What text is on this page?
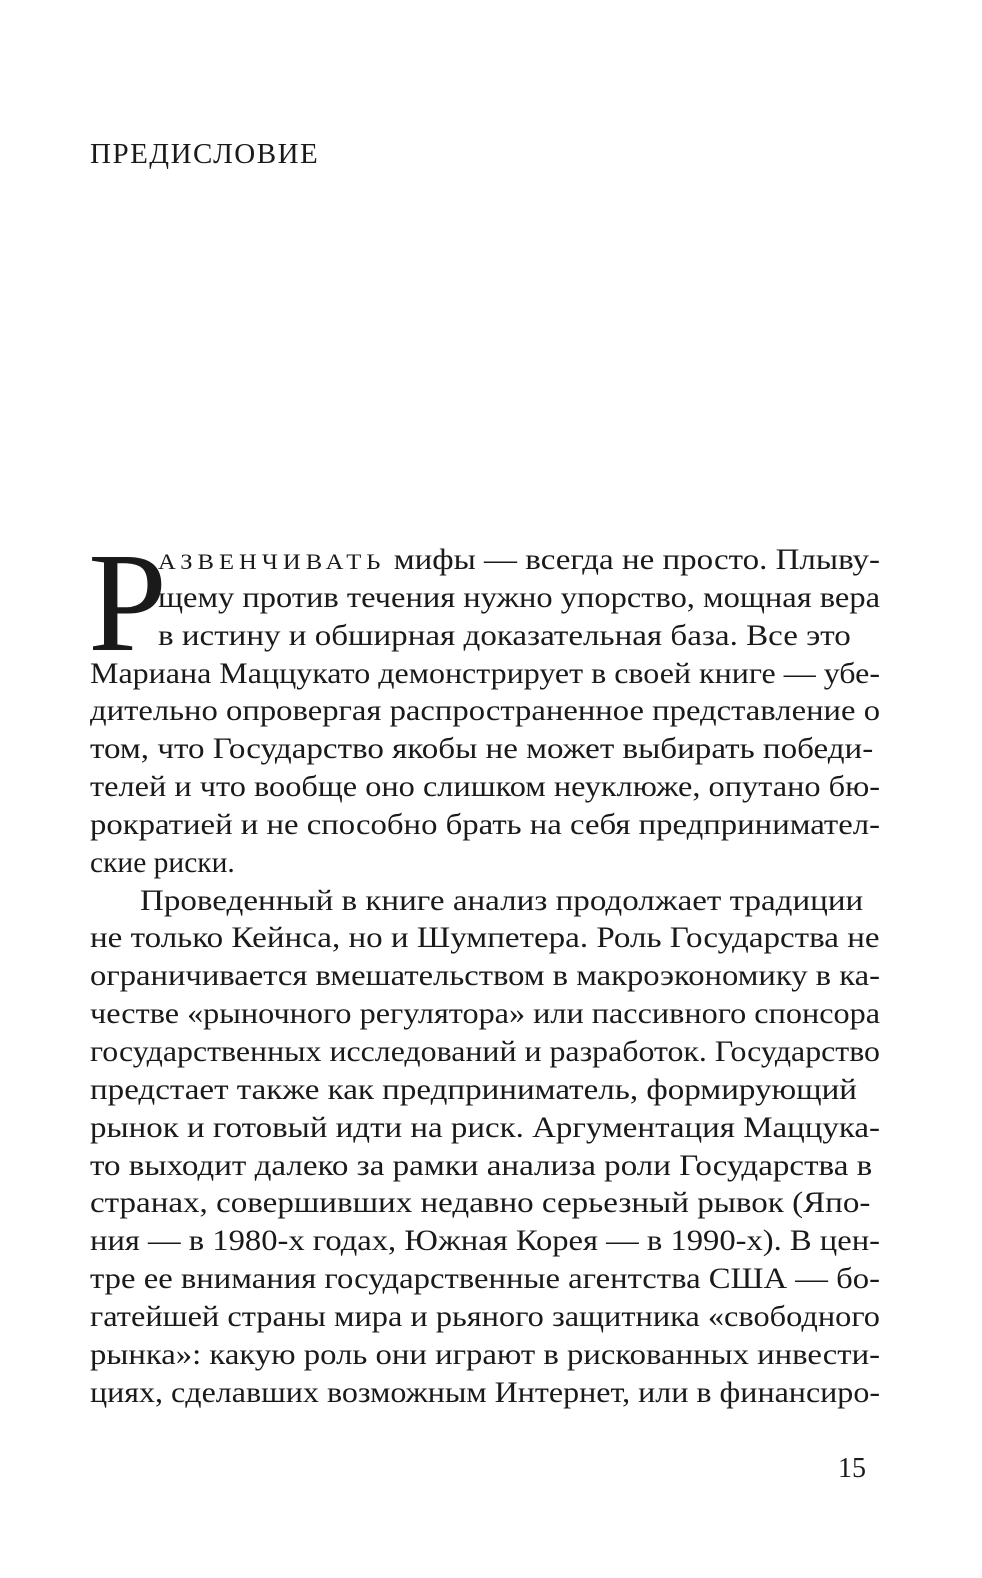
ПРЕДИСЛОВИЕ
Р
АЗВЕНЧИВАТЬ мифы — всегда не просто. Плыву-
щему против течения нужно упорство, мощная вера
в истину и обширная доказательная база. Все это
Мариана Маццукато демонстрирует в своей книге — убе-
дительно опровергая распространенное представление о
том, что Государство якобы не может выбирать победи-
телей и что вообще оно слишком неуклюже, опутано бю-
рократией и не способно брать на себя предпринимател-
ские риски.
Проведенный в книге анализ продолжает традиции
не только Кейнса, но и Шумпетера. Роль Государства не
ограничивается вмешательством в макроэкономику в ка-
честве «рыночного регулятора» или пассивного спонсора
государственных исследований и разработок. Государство
предстает также как предприниматель, формирующий
рынок и готовый идти на риск. Аргументация Маццука-
то выходит далеко за рамки анализа роли Государства в
странах, совершивших недавно серьезный рывок (Япо-
ния — в 1980-х годах, Южная Корея — в 1990-х). В цен-
тре ее внимания государственные агентства США — бо-
гатейшей страны мира и рьяного защитника «свободного
рынка»: какую роль они играют в рискованных инвести-
циях, сделавших возможным Интернет, или в финансиро-
15
